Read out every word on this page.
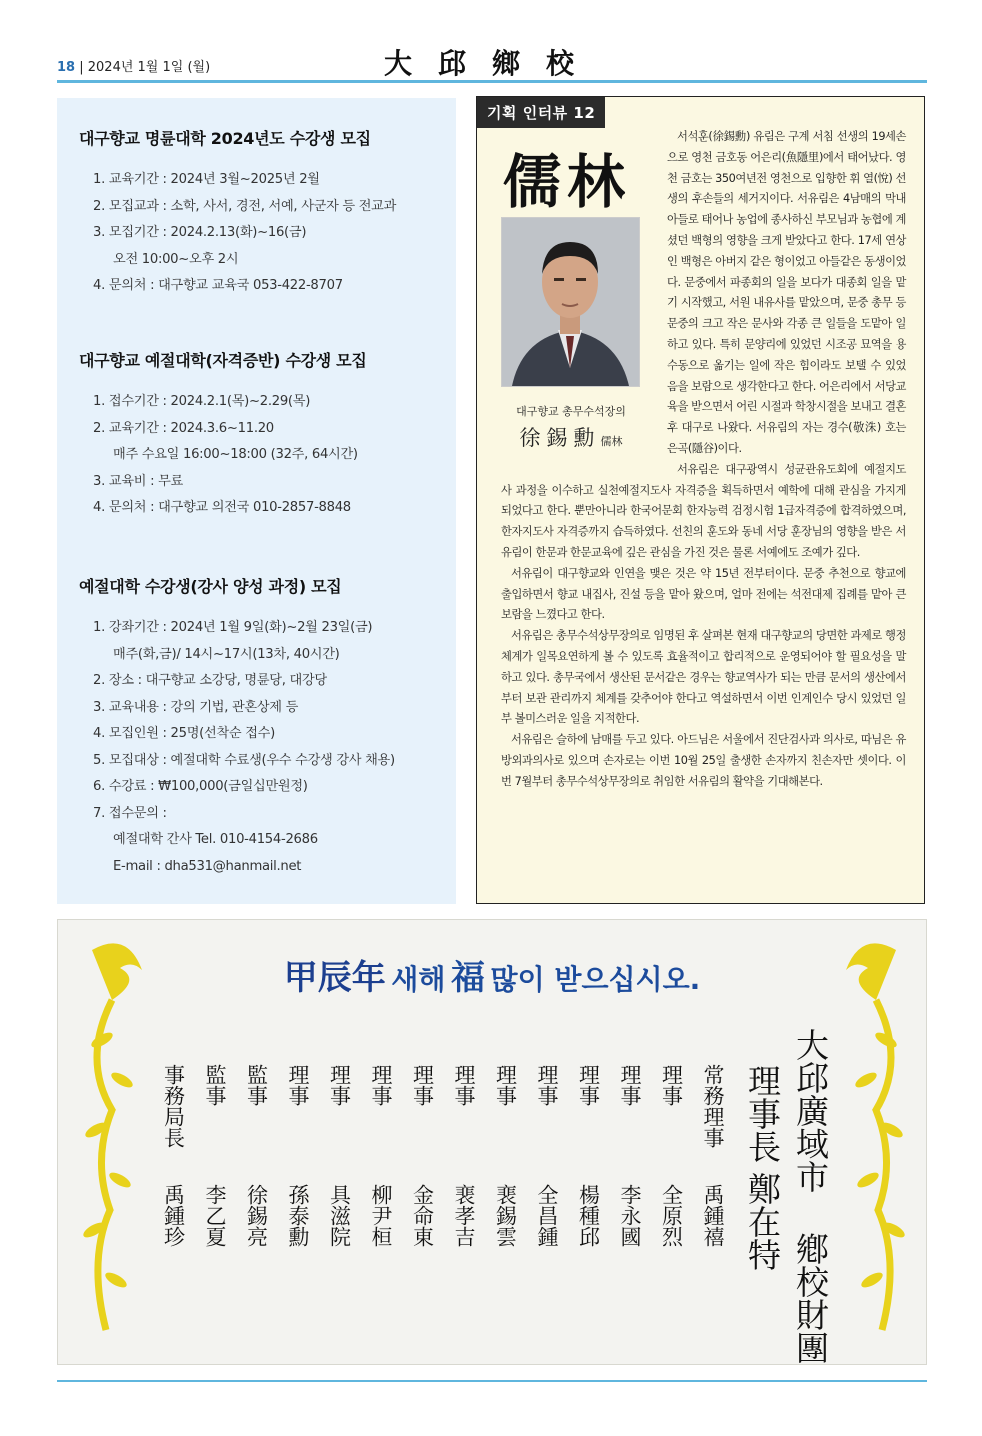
18 | 2024년 1월 1일 (월)	大邱鄉校
대구향교 명륜대학 2024년도 수강생 모집
1. 교육기간 : 2024년 3월~2025년 2월
2. 모집교과 : 소학, 사서, 경전, 서예, 사군자 등 전교과
3. 모집기간 : 2024.2.13(화)~16(금)
오전 10:00~오후 2시
4. 문의처 : 대구향교 교육국 053-422-8707
대구향교 예절대학(자격증반) 수강생 모집
1. 접수기간 : 2024.2.1(목)~2.29(목)
2. 교육기간 : 2024.3.6~11.20
매주 수요일 16:00~18:00 (32주, 64시간)
3. 교육비 : 무료
4. 문의처 : 대구향교 의전국 010-2857-8848
예절대학 수강생(강사 양성 과정) 모집
1. 강좌기간 : 2024년 1월 9일(화)~2월 23일(금)
매주(화,금)/ 14시~17시(13차, 40시간)
2. 장소 : 대구향교 소강당, 명륜당, 대강당
3. 교육내용 : 강의 기법, 관혼상제 등
4. 모집인원 : 25명(선착순 접수)
5. 모집대상 : 예절대학 수료생(우수 수강생 강사 채용)
6. 수강료 : ₩100,000(금일십만원정)
7. 접수문의 :
예절대학 간사 Tel. 010-4154-2686
E-mail : dha531@hanmail.net
기획 인터뷰 12

서석훈(徐錫勳) 유림은 구계 서침 선생의 19세손으로 영천 금호동 어은리(魚隱里)에서 태어났다. 영천 금호는 350여년전 영천으로 입향한 휘 열(悅) 선생의 후손들의 세거지이다. 서유림은 4남매의 막내아들로 태어나 농업에 종사하신 부모님과 농협에 계셨던 백형의 영향을 크게 받았다고 한다. 17세 연상인 백형은 아버지 같은 형이었고 아들같은 동생이었다. 문중에서 파종회의 일을 보다가 대종회 일을 맡기 시작했고, 서원 내유사를 맡았으며, 문중 총무 등 문중의 크고 작은 문사와 각종 큰 일들을 도맡아 일하고 있다. 특히 문양리에 있었던 시조공 묘역을 용수동으로 옮기는 일에 작은 힘이라도 보탤 수 있었음을 보람으로 생각한다고 한다. 어은리에서 서당교육을 받으면서 어린 시절과 학창시절을 보내고 결혼 후 대구로 나왔다. 서유림의 자는 경수(敬洙) 호는 은곡(隱谷)이다.

서유림은 대구광역시 성균관유도회에 예절지도사 과정을 이수하고 실천예절지도사 자격증을 획득하면서 예학에 대해 관심을 가지게 되었다고 한다. 뿐만아니라 한국어문회 한자능력 검정시험 1급자격증에 합격하였으며, 한자지도사 자격증까지 습득하였다. 선친의 훈도와 동네 서당 훈장님의 영향을 받은 서유림이 한문과 한문교육에 깊은 관심을 가진 것은 물론 서예에도 조예가 깊다.

서유림이 대구향교와 인연을 맺은 것은 약 15년 전부터이다. 문중 추천으로 향교에 출입하면서 향교 내집사, 진설 등을 맡아 왔으며, 얼마 전에는 석전대제 집례를 맡아 큰 보람을 느꼈다고 한다.

서유림은 총무수석상무장의로 임명된 후 살펴본 현재 대구향교의 당면한 과제로 행정 체계가 일목요연하게 볼 수 있도록 효율적이고 합리적으로 운영되어야 할 필요성을 말하고 있다. 총무국에서 생산된 문서같은 경우는 향교역사가 되는 만큼 문서의 생산에서부터 보관 관리까지 체계를 갖추어야 한다고 역설하면서 이번 인계인수 당시 있었던 일부 볼미스러운 일을 지적한다.

서유림은 슬하에 남매를 두고 있다. 아드님은 서울에서 진단검사과 의사로, 따님은 유방외과의사로 있으며 손자로는 이번 10월 25일 출생한 손자까지 친손자만 셋이다. 이번 7월부터 총무수석상무장의로 취임한 서유림의 활약을 기대해본다.

儒林
대구향교 총무수석장의
徐錫勳儒林
甲辰年 새해 福 많이 받으십시오.
大邱廣域市 鄕校財團
理事長
鄭在特
常務理事
禹鍾禧
理事
全原烈
理事
李永國
理事
楊種邱
理事
全昌鍾
理事
裵錫雲
理事
裵孝吉
理事
金命東
理事
柳尹桓
理事
具滋院
理事
孫泰勳
監事
徐錫亮
監事
李乙夏
事務局長
禹鍾珍
